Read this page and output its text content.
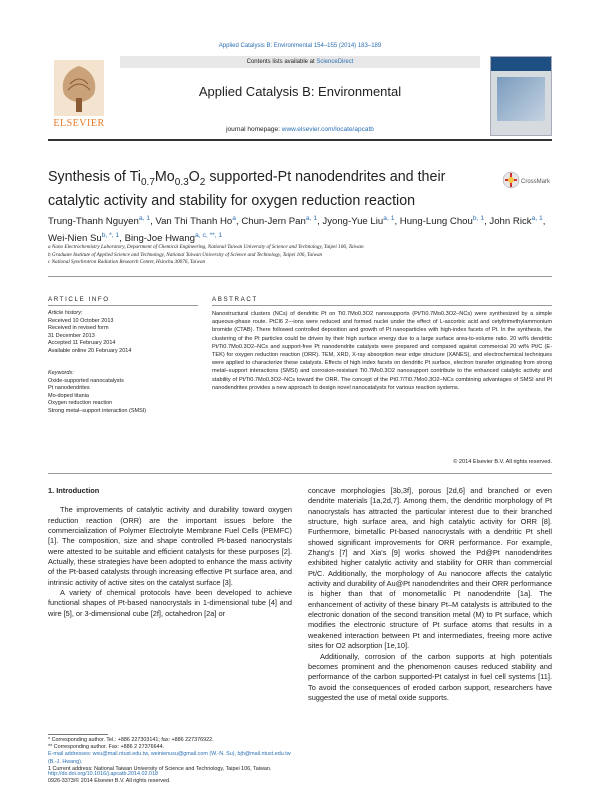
Applied Catalysis B: Environmental 154–155 (2014) 183–189
ELSEVIER
Contents lists available at ScienceDirect
Applied Catalysis B: Environmental
journal homepage: www.elsevier.com/locate/apcatb
Synthesis of $Ti_{0.7}Mo_{0.3}O_2$ supported-Pt nanodendrites and their catalytic activity and stability for oxygen reduction reaction
CrossMark
Trung-Thanh Nguyen$^{a, 1}$, Van Thi Thanh Ho$^a$, Chun-Jern Pan$^{a, 1}$, Jyong-Yue Liu$^{a, 1}$, Hung-Lung Chou$^{b, 1}$, John Rick$^{a, 1}$, Wei-Nien $Su^{b, *, 1}$, Bing-Joe Hwang$^{a, c, **, 1}$
a Nano Electrochemistry Laboratory, Department of Chemical Engineering, National Taiwan University of Science and Technology, Taipei 106, Taiwan
b Graduate Institute of Applied Science and Technology, National Taiwan University of Science and Technology, Taipei 106, Taiwan
c National Synchrotron Radiation Research Center, Hsinchu 30076, Taiwan
ARTICLE INFO	ABSTRACT
Article history:
Received 10 October 2013
Received in revised form
31 December 2013
Accepted 11 February 2014
Available online 20 February 2014
Keywords:
Oxide-supported nanocatalysts
Pt nanodendrites
Mo-doped titania
Oxygen reduction reaction
Strong metal–support interaction (SMSI)
Nanostructural clusters (NCs) of dendritic Pt on Ti0.7Mo0.3O2 nanosupports (Pt/Ti0.7Mo0.3O2–NCs) were synthesized by a simple aqueous-phase route. PtCl6 2−-ions were reduced and formed nuclei under the effect of L-ascorbic acid and cetyltrimethylammonium bromide (CTAB). There followed controlled deposition and growth of Pt nanoparticles with high-index facets of Pt. In the synthesis, the clustering of the Pt particles could be driven by their high surface energy due to a large surface area-to-volume ratio. 20 wt% dendritic Pt/Ti0.7Mo0.3O2–NCs and support-free Pt nanodendrite catalysts were prepared and compared against commercial 20 wt% Pt/C (E-TEK) for oxygen reduction reaction (ORR). TEM, XRD, X-ray absorption near edge structure (XANES), and electrochemical techniques were applied to characterize these catalysts. Effects of high index facets on dendritic Pt surface, electron transfer originating from strong metal–support interactions (SMSI) and corrosion-resistant Ti0.7Mo0.3O2 nanosupport contribute to the enhanced catalytic activity and stability of Pt/Ti0.7Mo0.3O2–NCs toward the ORR. The concept of the Pt0.7/Ti0.7Mo0.3O2–NCs combining advantages of SMSI and Pt nanodendrites provides a new approach to design novel nanocatalysts for various reaction systems.
© 2014 Elsevier B.V. All rights reserved.
1. Introduction

The improvements of catalytic activity and durability toward oxygen reduction reaction (ORR) are the important issues before the commercialization of Polymer Electrolyte Membrane Fuel Cells (PEMFC) [1]. The composition, size and shape controlled Pt-based nanocrystals were attested to be suitable and efficient catalysts for these purposes [2]. Actually, these strategies have been adopted to enhance the mass activity of the Pt-based catalysts through increasing effective Pt surface area, and intrinsic activity of active sites on the catalyst surface [3].

A variety of chemical protocols have been developed to achieve functional shapes of Pt-based nanocrystals in 1-dimensional tube [4] and wire [5], or 3-dimensional cube [2f], octahedron [2a] or

concave morphologies [3b,3f], porous [2d,6] and branched or even dendrite materials [1a,2d,7]. Among them, the dendritic morphology of Pt nanocrystals has attracted the particular interest due to their branched structure, high surface area, and high catalytic activity for ORR [8]. Furthermore, bimetallic Pt-based nanocrystals with a dendritic Pt shell showed significant improvements for ORR performance. For example, Zhang's [7] and Xia's [9] works showed the Pd@Pt nanodendrites exhibited higher catalytic activity and stability for ORR than commercial Pt/C. Additionally, the morphology of Au nanocore affects the catalytic activity and durability of Au@Pt nanodendrites and their ORR performance is higher than that of monometallic Pt nanodendrite [1a]. The enhancement of activity of these binary Pt–M catalysts is attributed to the electronic donation of the second transition metal (M) to Pt surface, which modifies the electronic structure of Pt surface atoms that results in a weakened interaction between Pt and intermediates, freeing more active sites for O2 adsorption [1e,10].

Additionally, corrosion of the carbon supports at high potentials becomes prominent and the phenomenon causes reduced stability and performance of the carbon supported-Pt catalyst in fuel cell systems [11]. To avoid the consequences of eroded carbon support, researchers have suggested the use of metal oxide supports.

* Corresponding author. Tel.: +886 227303141; fax: +886 227376922.
** Corresponding author. Fax: +886 2 27376644.
E-mail addresses: wsu@mail.ntust.edu.tw, weinienusu@gmail.com (W.-N. Su), bjh@mail.ntust.edu.tw (B.-J. Hwang).
1 Current address: National Taiwan University of Science and Technology, Taipei 106, Taiwan.
http://dx.doi.org/10.1016/j.apcatb.2014.02.018
0926-3373/© 2014 Elsevier B.V. All rights reserved.
